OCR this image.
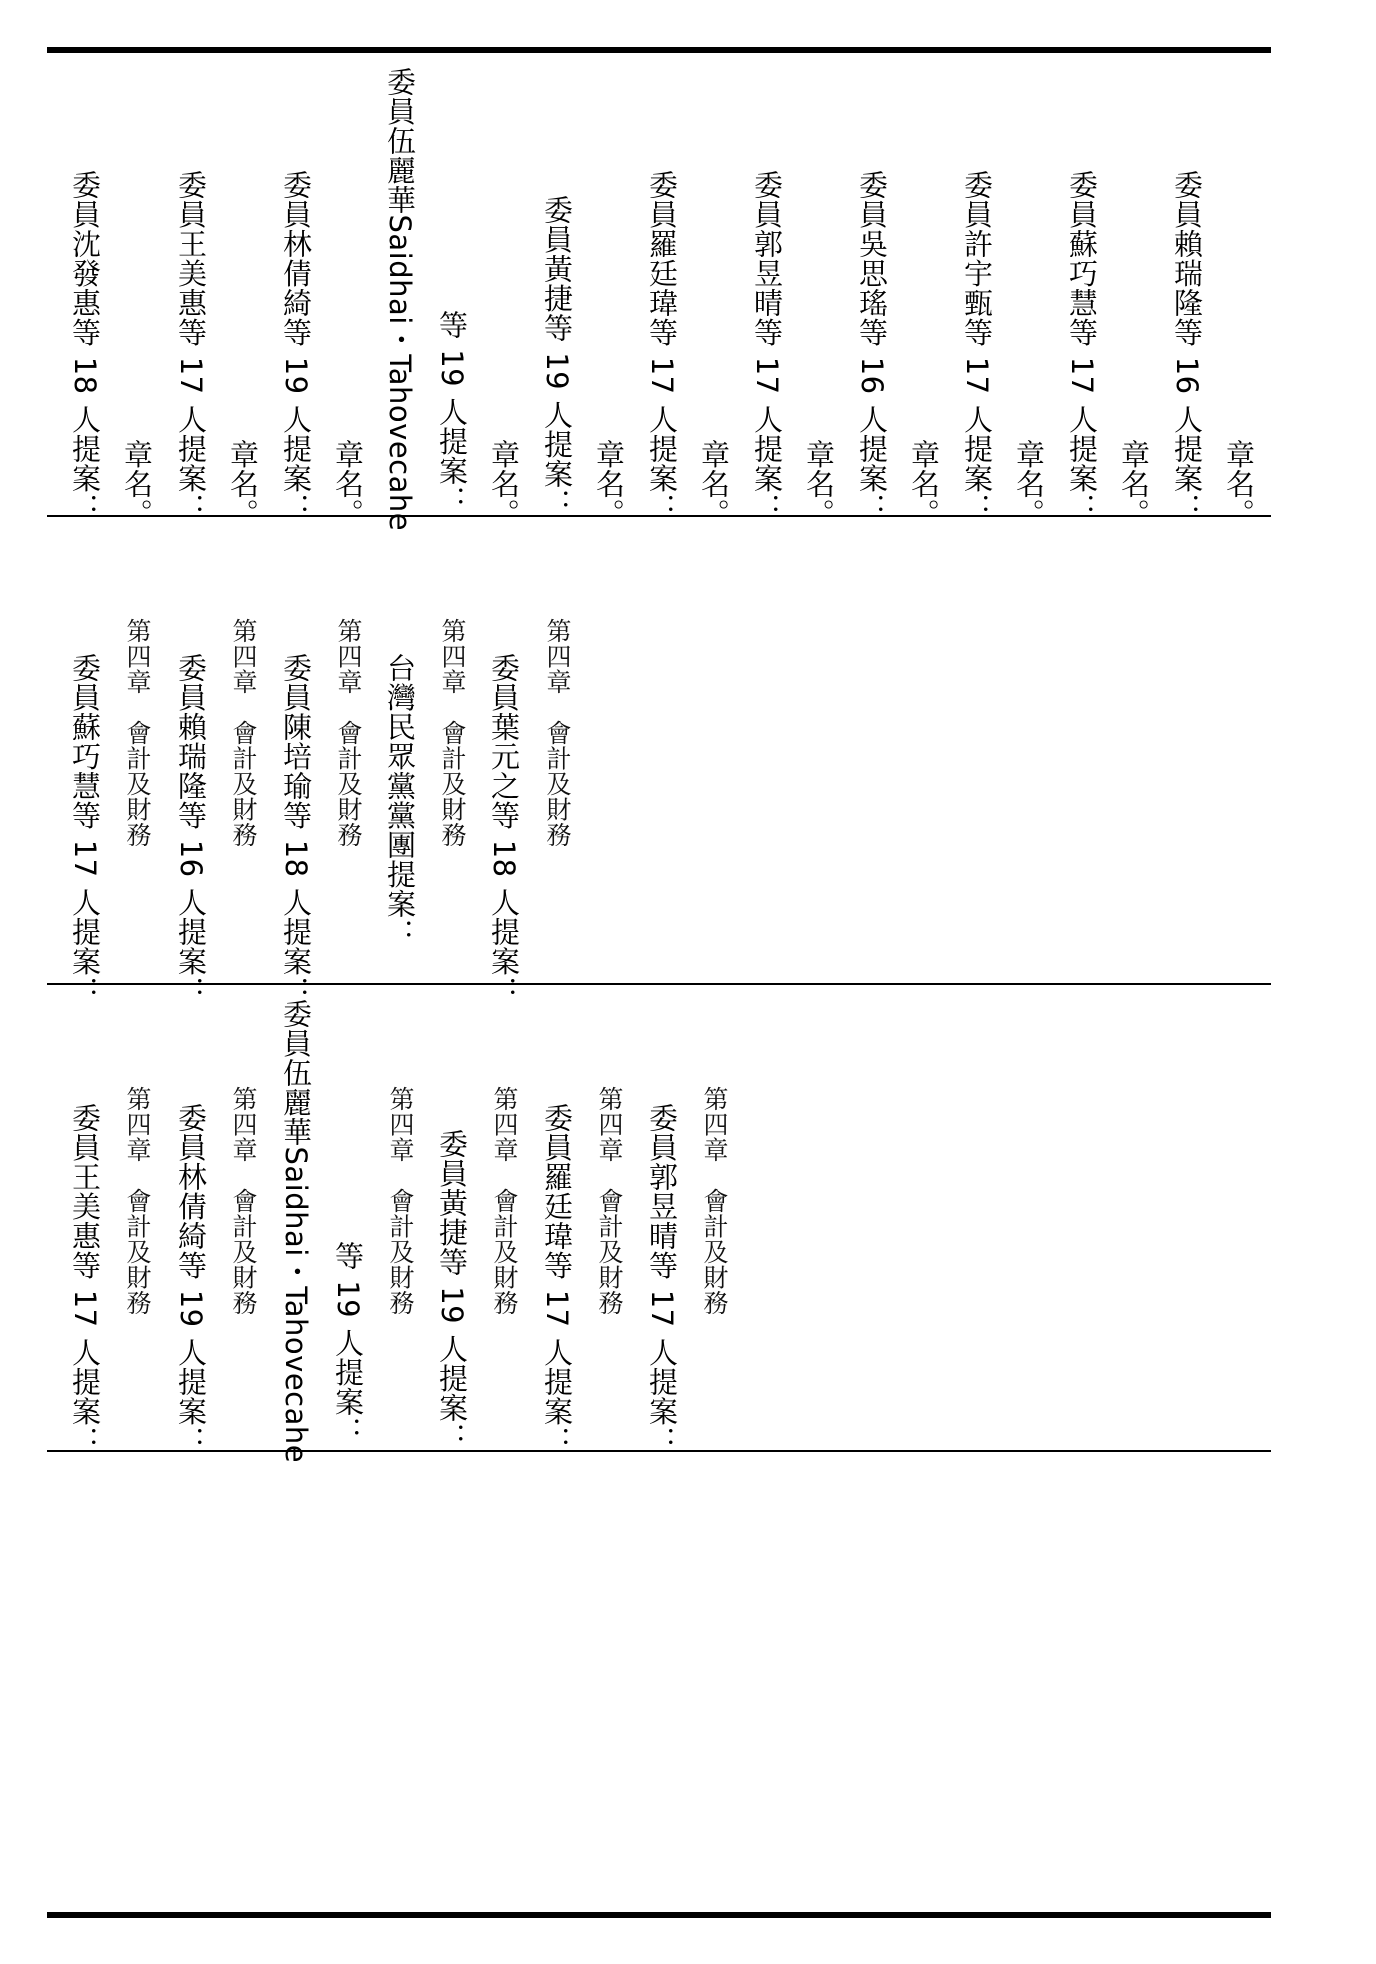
委員沈發惠等 18 人提案： 　章名。 委員王美惠等 17 人提案： 　章名。 委員林倩綺等 19 人提案： 　章名。 委員伍麗華Saidhai・Tahovecahe 等 19 人提案： 　章名。 委員黃捷等 19 人提案： 　章名。 委員羅廷瑋等 17 人提案： 　章名。 委員郭昱晴等 17 人提案： 　章名。 委員吳思瑤等 16 人提案： 　章名。 委員許宇甄等 17 人提案： 　章名。 委員蘇巧慧等 17 人提案： 　章名。 委員賴瑞隆等 16 人提案： 　章名。
委員蘇巧慧等 17 人提案： 第四章　會計及財務 委員賴瑞隆等 16 人提案： 第四章　會計及財務 委員陳培瑜等 18 人提案： 第四章　會計及財務 台灣民眾黨黨團提案： 第四章　會計及財務 委員葉元之等 18 人提案： 第四章　會計及財務
委員王美惠等 17 人提案： 第四章　會計及財務 委員林倩綺等 19 人提案： 第四章　會計及財務 委員伍麗華Saidhai・Tahovecahe 等 19 人提案：
第四章　會計及財務 委員黃捷等 19 人提案： 第四章　會計及財務 委員羅廷瑋等 17 人提案： 第四章　會計及財務 委員郭昱晴等 17 人提案： 第四章　會計及財務
